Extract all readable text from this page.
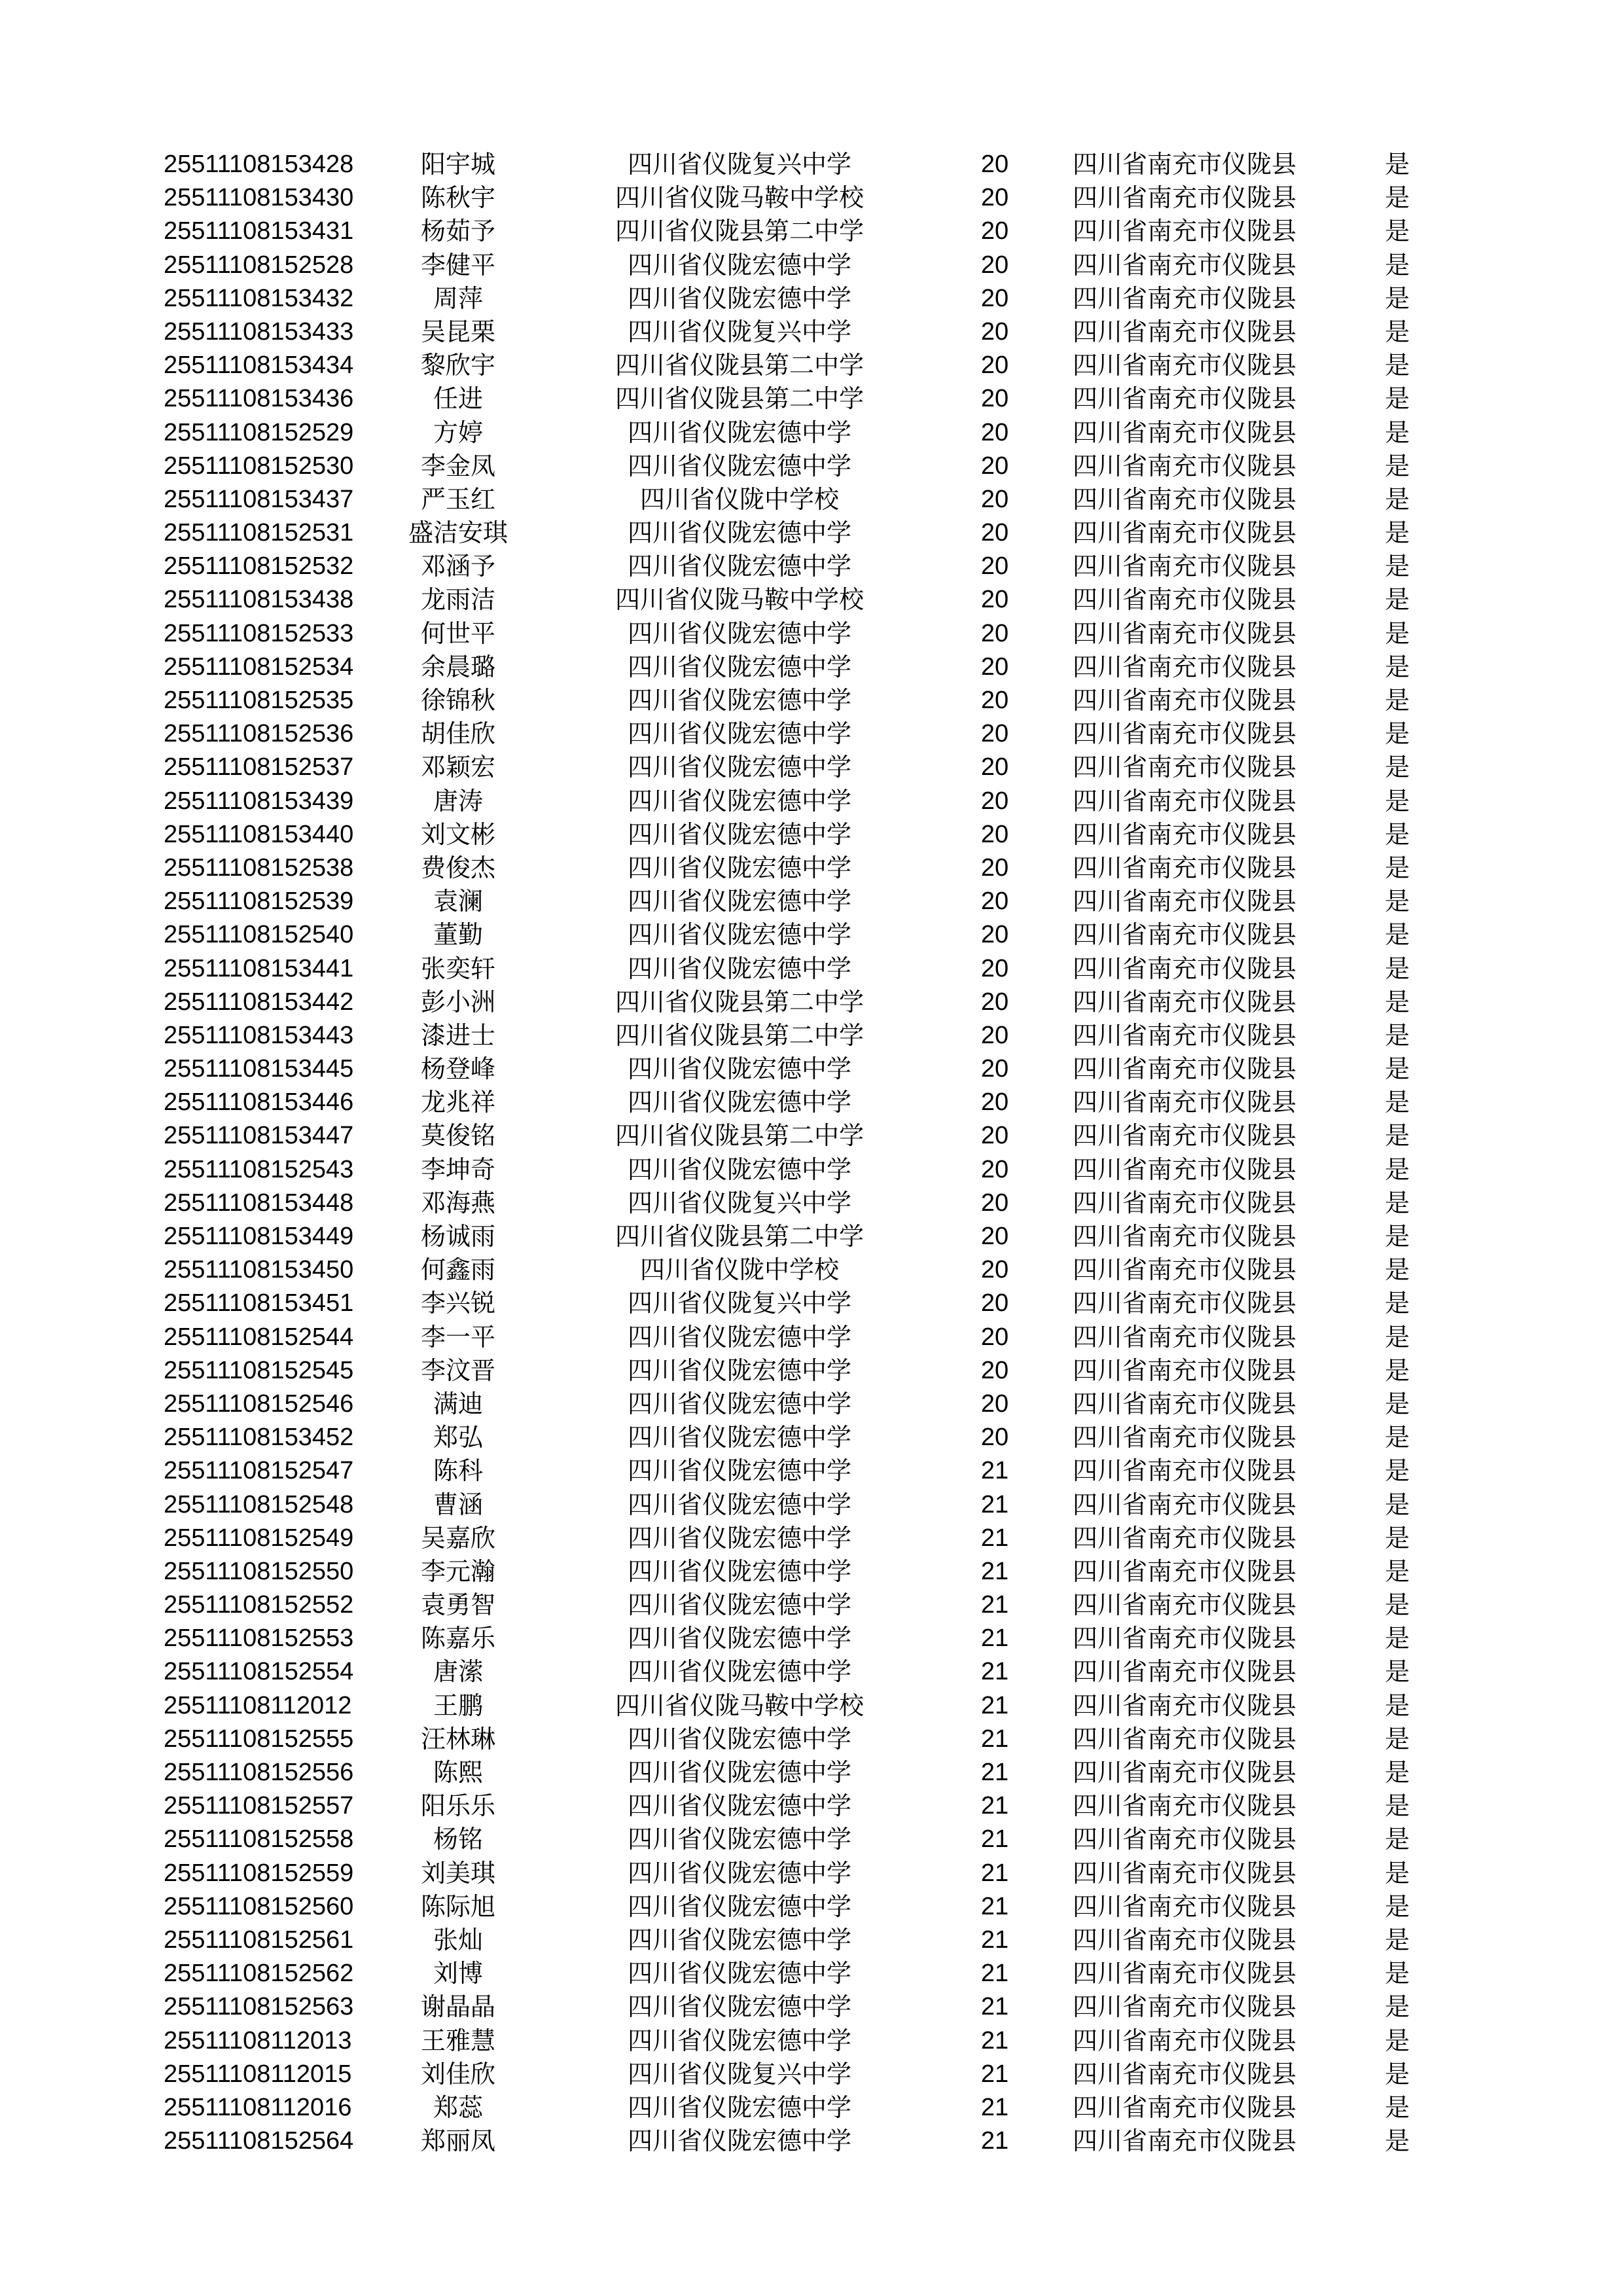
25511108153428	阳宇城	四川省仪陇复兴中学	20	四川省南充市仪陇县	是
25511108153430	陈秋宇	四川省仪陇马鞍中学校	20	四川省南充市仪陇县	是
25511108153431	杨茹予	四川省仪陇县第二中学	20	四川省南充市仪陇县	是
25511108152528	李健平	四川省仪陇宏德中学	20	四川省南充市仪陇县	是
25511108153432	周萍	四川省仪陇宏德中学	20	四川省南充市仪陇县	是
25511108153433	吴昆栗	四川省仪陇复兴中学	20	四川省南充市仪陇县	是
25511108153434	黎欣宇	四川省仪陇县第二中学	20	四川省南充市仪陇县	是
25511108153436	任进	四川省仪陇县第二中学	20	四川省南充市仪陇县	是
25511108152529	方婷	四川省仪陇宏德中学	20	四川省南充市仪陇县	是
25511108152530	李金凤	四川省仪陇宏德中学	20	四川省南充市仪陇县	是
25511108153437	严玉红	四川省仪陇中学校	20	四川省南充市仪陇县	是
25511108152531	盛洁安琪	四川省仪陇宏德中学	20	四川省南充市仪陇县	是
25511108152532	邓涵予	四川省仪陇宏德中学	20	四川省南充市仪陇县	是
25511108153438	龙雨洁	四川省仪陇马鞍中学校	20	四川省南充市仪陇县	是
25511108152533	何世平	四川省仪陇宏德中学	20	四川省南充市仪陇县	是
25511108152534	余晨璐	四川省仪陇宏德中学	20	四川省南充市仪陇县	是
25511108152535	徐锦秋	四川省仪陇宏德中学	20	四川省南充市仪陇县	是
25511108152536	胡佳欣	四川省仪陇宏德中学	20	四川省南充市仪陇县	是
25511108152537	邓颖宏	四川省仪陇宏德中学	20	四川省南充市仪陇县	是
25511108153439	唐涛	四川省仪陇宏德中学	20	四川省南充市仪陇县	是
25511108153440	刘文彬	四川省仪陇宏德中学	20	四川省南充市仪陇县	是
25511108152538	费俊杰	四川省仪陇宏德中学	20	四川省南充市仪陇县	是
25511108152539	袁澜	四川省仪陇宏德中学	20	四川省南充市仪陇县	是
25511108152540	董勤	四川省仪陇宏德中学	20	四川省南充市仪陇县	是
25511108153441	张奕轩	四川省仪陇宏德中学	20	四川省南充市仪陇县	是
25511108153442	彭小洲	四川省仪陇县第二中学	20	四川省南充市仪陇县	是
25511108153443	漆进士	四川省仪陇县第二中学	20	四川省南充市仪陇县	是
25511108153445	杨登峰	四川省仪陇宏德中学	20	四川省南充市仪陇县	是
25511108153446	龙兆祥	四川省仪陇宏德中学	20	四川省南充市仪陇县	是
25511108153447	莫俊铭	四川省仪陇县第二中学	20	四川省南充市仪陇县	是
25511108152543	李坤奇	四川省仪陇宏德中学	20	四川省南充市仪陇县	是
25511108153448	邓海燕	四川省仪陇复兴中学	20	四川省南充市仪陇县	是
25511108153449	杨诚雨	四川省仪陇县第二中学	20	四川省南充市仪陇县	是
25511108153450	何鑫雨	四川省仪陇中学校	20	四川省南充市仪陇县	是
25511108153451	李兴锐	四川省仪陇复兴中学	20	四川省南充市仪陇县	是
25511108152544	李一平	四川省仪陇宏德中学	20	四川省南充市仪陇县	是
25511108152545	李汶晋	四川省仪陇宏德中学	20	四川省南充市仪陇县	是
25511108152546	满迪	四川省仪陇宏德中学	20	四川省南充市仪陇县	是
25511108153452	郑弘	四川省仪陇宏德中学	20	四川省南充市仪陇县	是
25511108152547	陈科	四川省仪陇宏德中学	21	四川省南充市仪陇县	是
25511108152548	曹涵	四川省仪陇宏德中学	21	四川省南充市仪陇县	是
25511108152549	吴嘉欣	四川省仪陇宏德中学	21	四川省南充市仪陇县	是
25511108152550	李元瀚	四川省仪陇宏德中学	21	四川省南充市仪陇县	是
25511108152552	袁勇智	四川省仪陇宏德中学	21	四川省南充市仪陇县	是
25511108152553	陈嘉乐	四川省仪陇宏德中学	21	四川省南充市仪陇县	是
25511108152554	唐潆	四川省仪陇宏德中学	21	四川省南充市仪陇县	是
25511108112012	王鹏	四川省仪陇马鞍中学校	21	四川省南充市仪陇县	是
25511108152555	汪林琳	四川省仪陇宏德中学	21	四川省南充市仪陇县	是
25511108152556	陈熙	四川省仪陇宏德中学	21	四川省南充市仪陇县	是
25511108152557	阳乐乐	四川省仪陇宏德中学	21	四川省南充市仪陇县	是
25511108152558	杨铭	四川省仪陇宏德中学	21	四川省南充市仪陇县	是
25511108152559	刘美琪	四川省仪陇宏德中学	21	四川省南充市仪陇县	是
25511108152560	陈际旭	四川省仪陇宏德中学	21	四川省南充市仪陇县	是
25511108152561	张灿	四川省仪陇宏德中学	21	四川省南充市仪陇县	是
25511108152562	刘博	四川省仪陇宏德中学	21	四川省南充市仪陇县	是
25511108152563	谢晶晶	四川省仪陇宏德中学	21	四川省南充市仪陇县	是
25511108112013	王雅慧	四川省仪陇宏德中学	21	四川省南充市仪陇县	是
25511108112015	刘佳欣	四川省仪陇复兴中学	21	四川省南充市仪陇县	是
25511108112016	郑蕊	四川省仪陇宏德中学	21	四川省南充市仪陇县	是
25511108152564	郑丽凤	四川省仪陇宏德中学	21	四川省南充市仪陇县	是
